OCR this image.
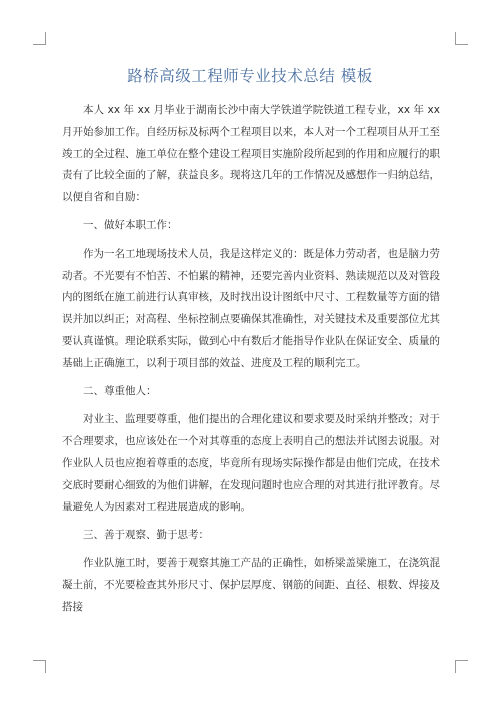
路桥高级工程师专业技术总结 模板

本人 xx 年 xx 月毕业于湖南长沙中南大学铁道学院铁道工程专业，xx 年 xx 月开始参加工作。自经历标及标两个工程项目以来，本人对一个工程项目从开工至竣工的全过程、施工单位在整个建设工程项目实施阶段所起到的作用和应履行的职责有了比较全面的了解，获益良多。现将这几年的工作情况及感想作一归纳总结，以便自省和自励：

一、做好本职工作：

作为一名工地现场技术人员，我是这样定义的：既是体力劳动者，也是脑力劳动者。不光要有不怕苦、不怕累的精神，还要完善内业资料、熟读规范以及对管段内的图纸在施工前进行认真审核，及时找出设计图纸中尺寸、工程数量等方面的错误并加以纠正；对高程、坐标控制点要确保其准确性，对关键技术及重要部位尤其要认真谨慎。理论联系实际，做到心中有数后才能指导作业队在保证安全、质量的基础上正确施工，以利于项目部的效益、进度及工程的顺利完工。

二、尊重他人：

对业主、监理要尊重，他们提出的合理化建议和要求要及时采纳并整改；对于不合理要求，也应该处在一个对其尊重的态度上表明自己的想法并试图去说服。对作业队人员也应抱着尊重的态度，毕竟所有现场实际操作都是由他们完成，在技术交底时要耐心细致的为他们讲解，在发现问题时也应合理的对其进行批评教育。尽量避免人为因素对工程进展造成的影响。

三、善于观察、勤于思考：

作业队施工时，要善于观察其施工产品的正确性，如桥梁盖梁施工，在浇筑混凝土前，不光要检查其外形尺寸、保护层厚度、钢筋的间距、直径、根数、焊接及搭接
